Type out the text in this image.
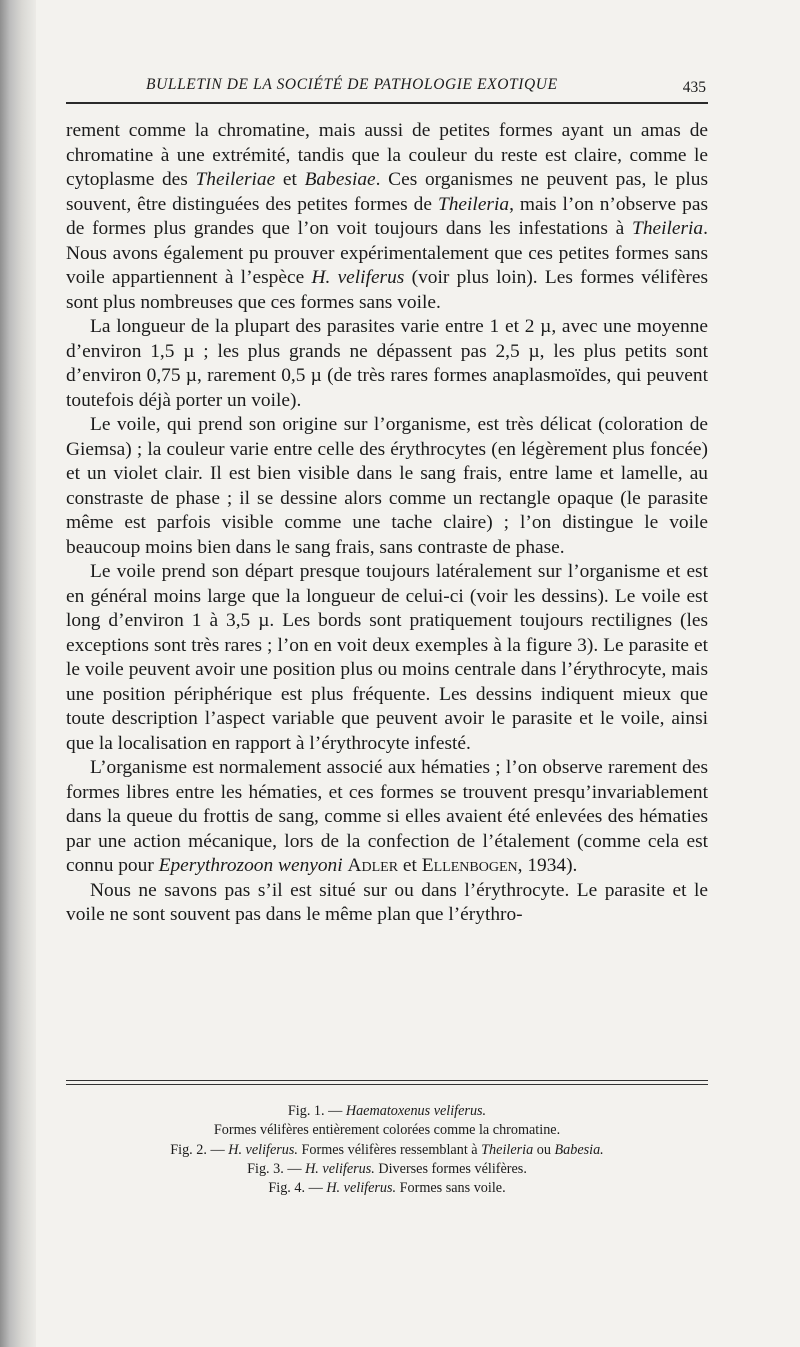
BULLETIN DE LA SOCIÉTÉ DE PATHOLOGIE EXOTIQUE	435

rement comme la chromatine, mais aussi de petites formes ayant un amas de chromatine à une extrémité, tandis que la couleur du reste est claire, comme le cytoplasme des Theileriae et Babesiae. Ces organismes ne peuvent pas, le plus souvent, être distinguées des petites formes de Theileria, mais l’on n’observe pas de formes plus grandes que l’on voit toujours dans les infestations à Theileria. Nous avons également pu prouver expérimentalement que ces petites formes sans voile appartiennent à l’espèce H. veliferus (voir plus loin). Les formes vélifères sont plus nombreuses que ces formes sans voile.

La longueur de la plupart des parasites varie entre 1 et 2 µ, avec une moyenne d’environ 1,5 µ ; les plus grands ne dépassent pas 2,5 µ, les plus petits sont d’environ 0,75 µ, rarement 0,5 µ (de très rares formes anaplasmoïdes, qui peuvent toutefois déjà porter un voile).

Le voile, qui prend son origine sur l’organisme, est très délicat (coloration de Giemsa) ; la couleur varie entre celle des érythrocytes (en légèrement plus foncée) et un violet clair. Il est bien visible dans le sang frais, entre lame et lamelle, au constraste de phase ; il se dessine alors comme un rectangle opaque (le parasite même est parfois visible comme une tache claire) ; l’on distingue le voile beaucoup moins bien dans le sang frais, sans contraste de phase.

Le voile prend son départ presque toujours latéralement sur l’organisme et est en général moins large que la longueur de celui-ci (voir les dessins). Le voile est long d’environ 1 à 3,5 µ. Les bords sont pratiquement toujours rectilignes (les exceptions sont très rares ; l’on en voit deux exemples à la figure 3). Le parasite et le voile peuvent avoir une position plus ou moins centrale dans l’érythrocyte, mais une position périphérique est plus fréquente. Les dessins indiquent mieux que toute description l’aspect variable que peuvent avoir le parasite et le voile, ainsi que la localisation en rapport à l’érythrocyte infesté.

L’organisme est normalement associé aux hématies ; l’on observe rarement des formes libres entre les hématies, et ces formes se trouvent presqu’invariablement dans la queue du frottis de sang, comme si elles avaient été enlevées des hématies par une action mécanique, lors de la confection de l’étalement (comme cela est connu pour Eperythrozoon wenyoni Adler et Ellenbogen, 1934).

Nous ne savons pas s’il est situé sur ou dans l’érythrocyte. Le parasite et le voile ne sont souvent pas dans le même plan que l’érythro-

Fig. 1. — Haematoxenus veliferus.
Formes vélifères entièrement colorées comme la chromatine.
Fig. 2. — H. veliferus. Formes vélifères ressemblant à Theileria ou Babesia.
Fig. 3. — H. veliferus. Diverses formes vélifères.
Fig. 4. — H. veliferus. Formes sans voile.
